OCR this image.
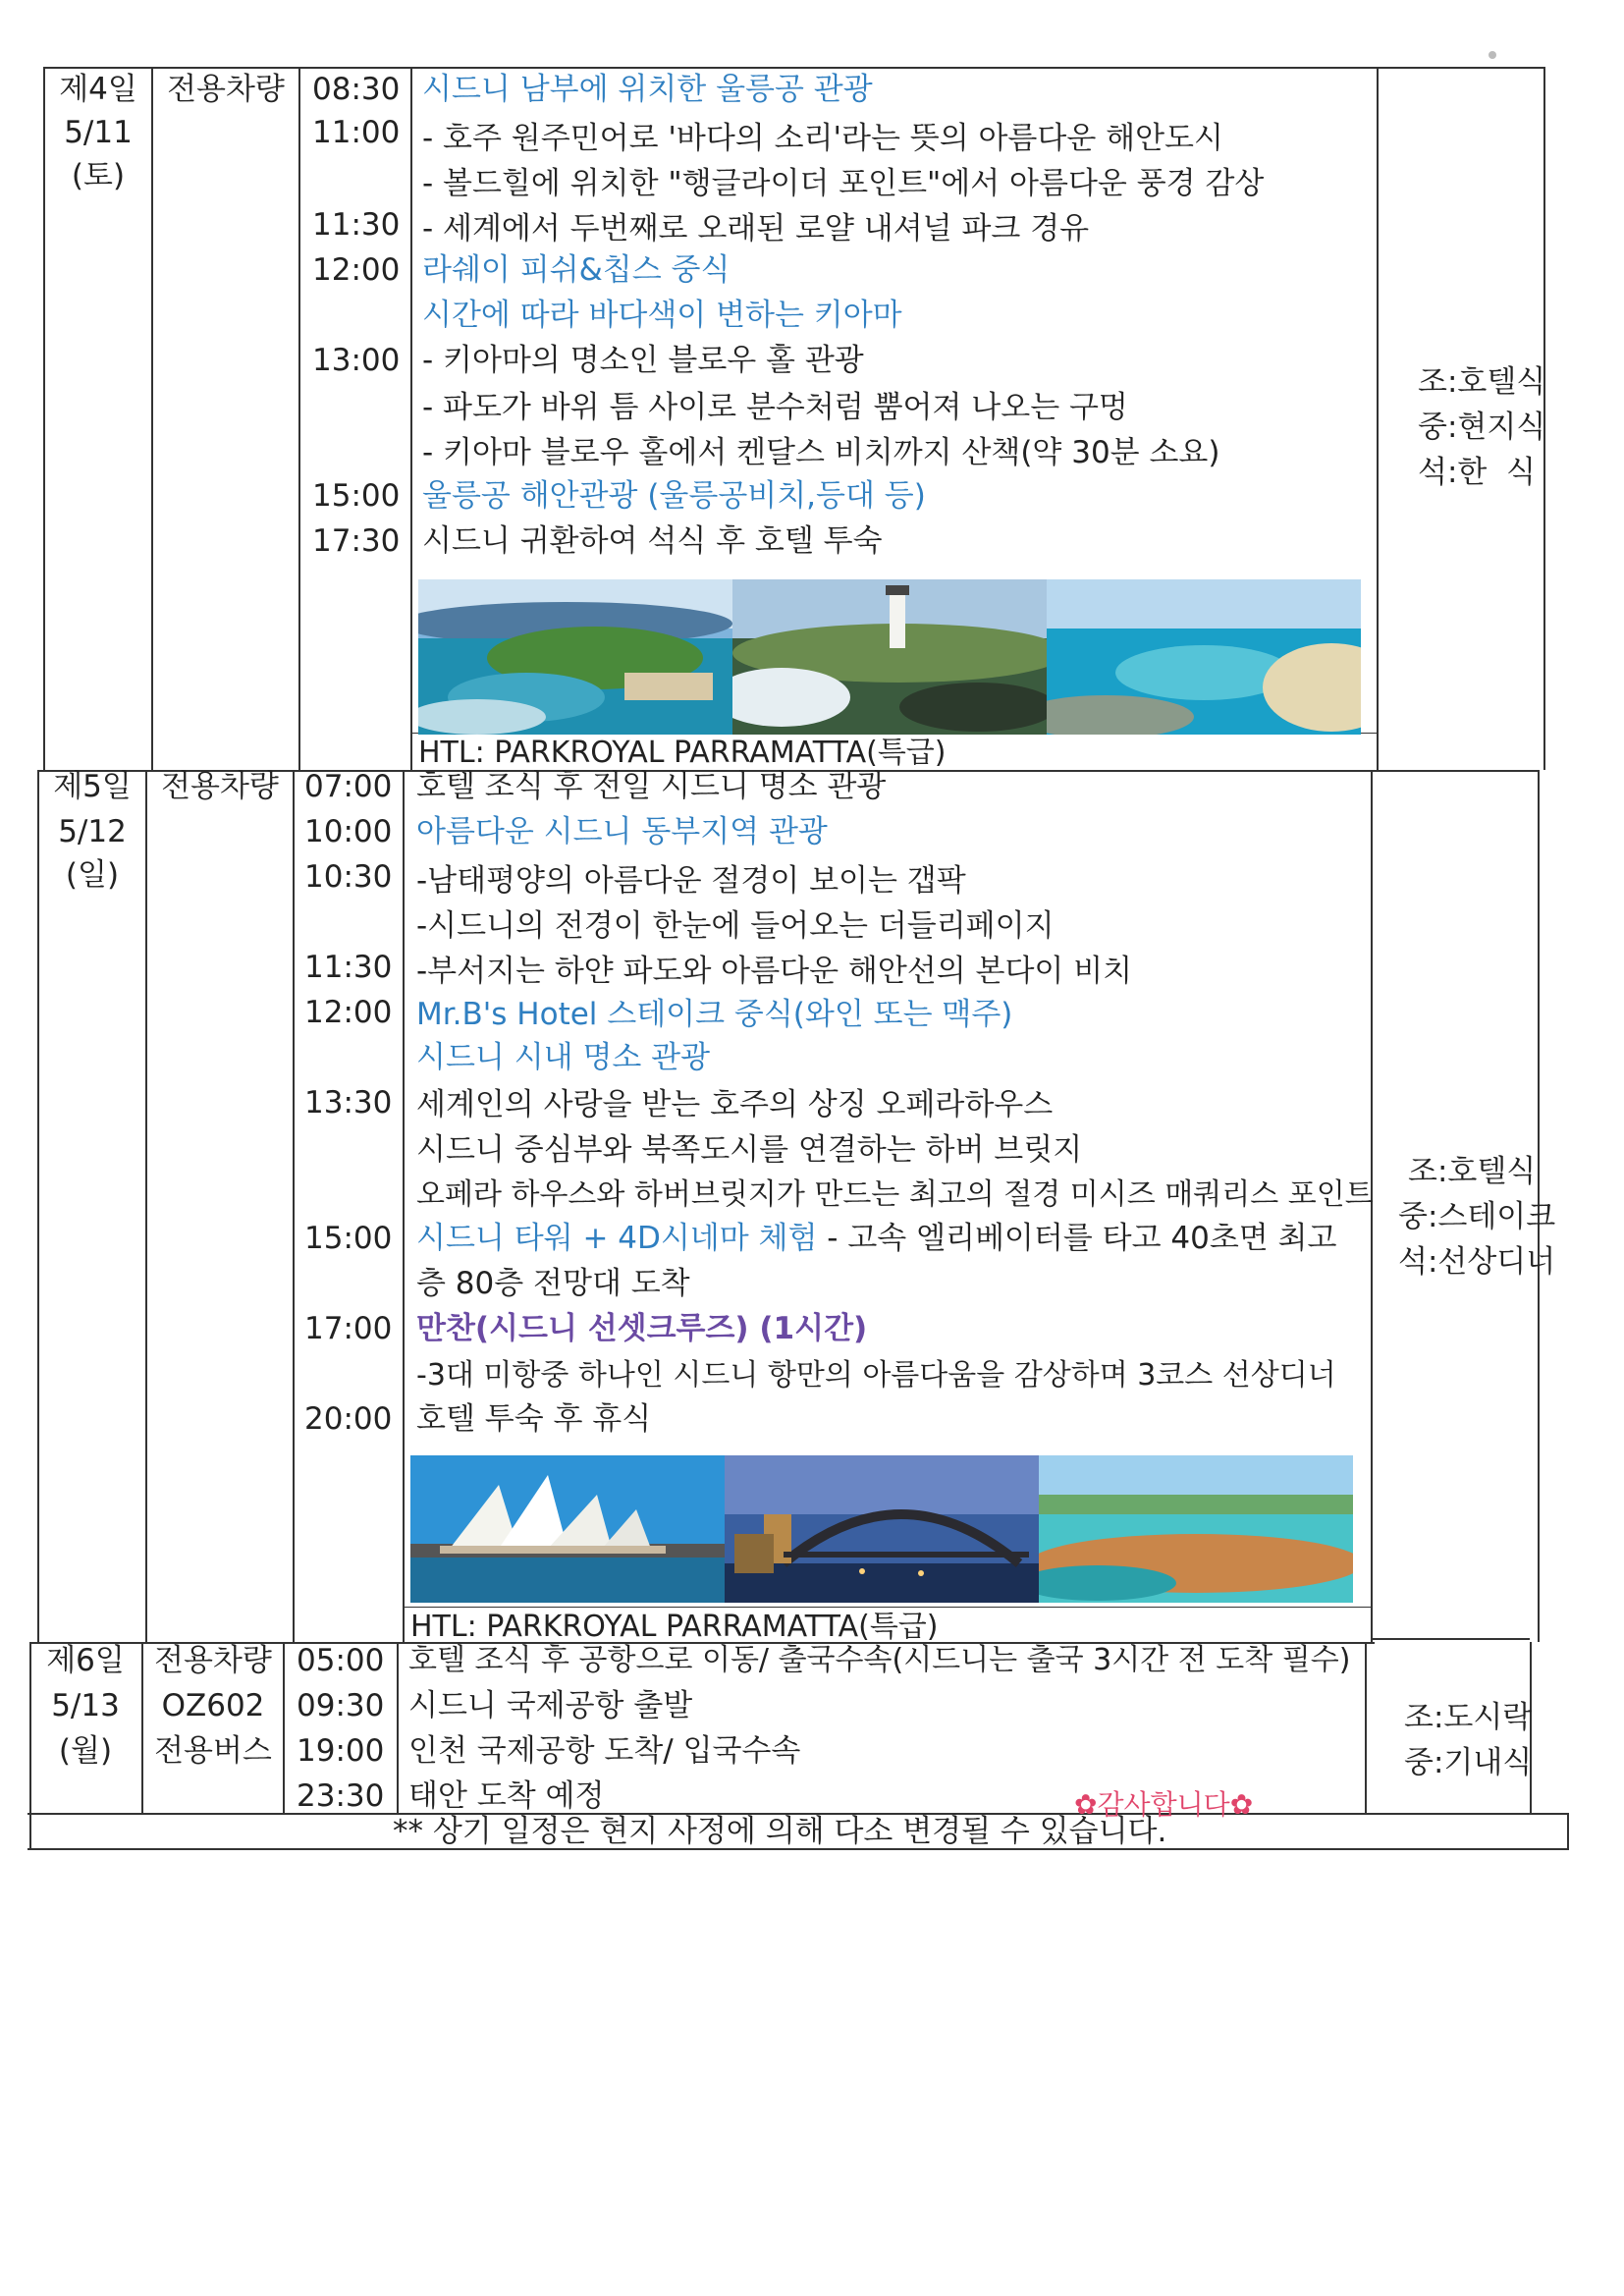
제4일
5/11
(토)
전용차량 08:30
11:00
11:30
12:00
13:00
15:00
17:30
시드니 남부에 위치한 울릉공 관광
- 호주 원주민어로 '바다의 소리'라는 뜻의 아름다운 해안도시
- 볼드힐에 위치한 "행글라이더 포인트"에서 아름다운 풍경 감상
- 세계에서 두번째로 오래된 로얄 내셔널 파크 경유
라쉐이 피쉬&칩스 중식
시간에 따라 바다색이 변하는 키아마
- 키아마의 명소인 블로우 홀 관광
- 파도가 바위 틈 사이로 분수처럼 뿜어져 나오는 구멍
- 키아마 블로우 홀에서 켄달스 비치까지 산책(약 30분 소요)
울릉공 해안관광 (울릉공비치,등대 등)
시드니 귀환하여 석식 후 호텔 투숙
HTL: PARKROYAL PARRAMATTA(특급)
조:호텔식
중:현지식
석:한  식
제5일
5/12
(일)
전용차량 07:00
10:00
10:30
11:30
12:00
13:30
15:00
17:00
20:00
호텔 조식 후 전일 시드니 명소 관광
아름다운 시드니 동부지역 관광
-남태평양의 아름다운 절경이 보이는 갭팍
-시드니의 전경이 한눈에 들어오는 더들리페이지
-부서지는 하얀 파도와 아름다운 해안선의 본다이 비치
Mr.B's Hotel 스테이크 중식(와인 또는 맥주)
시드니 시내 명소 관광
세계인의 사랑을 받는 호주의 상징 오페라하우스
시드니 중심부와 북쪽도시를 연결하는 하버 브릿지
오페라 하우스와 하버브릿지가 만드는 최고의 절경 미시즈 매쿼리스 포인트
시드니 타워 + 4D시네마 체험 - 고속 엘리베이터를 타고 40초면 최고
층 80층 전망대 도착
만찬(시드니 선셋크루즈) (1시간)
-3대 미항중 하나인 시드니 항만의 아름다움을 감상하며 3코스 선상디너
호텔 투숙 후 휴식
HTL: PARKROYAL PARRAMATTA(특급)
조:호텔식
중:스테이크
석:선상디너
제6일
5/13
(월)
전용차량
OZ602
전용버스
05:00
09:30
19:00
23:30
호텔 조식 후 공항으로 이동/ 출국수속(시드니는 출국 3시간 전 도착 필수)
시드니 국제공항 출발
인천 국제공항 도착/ 입국수속
태안 도착 예정	✿감사합니다✿
조:도시락
중:기내식
** 상기 일정은 현지 사정에 의해 다소 변경될 수 있습니다.
